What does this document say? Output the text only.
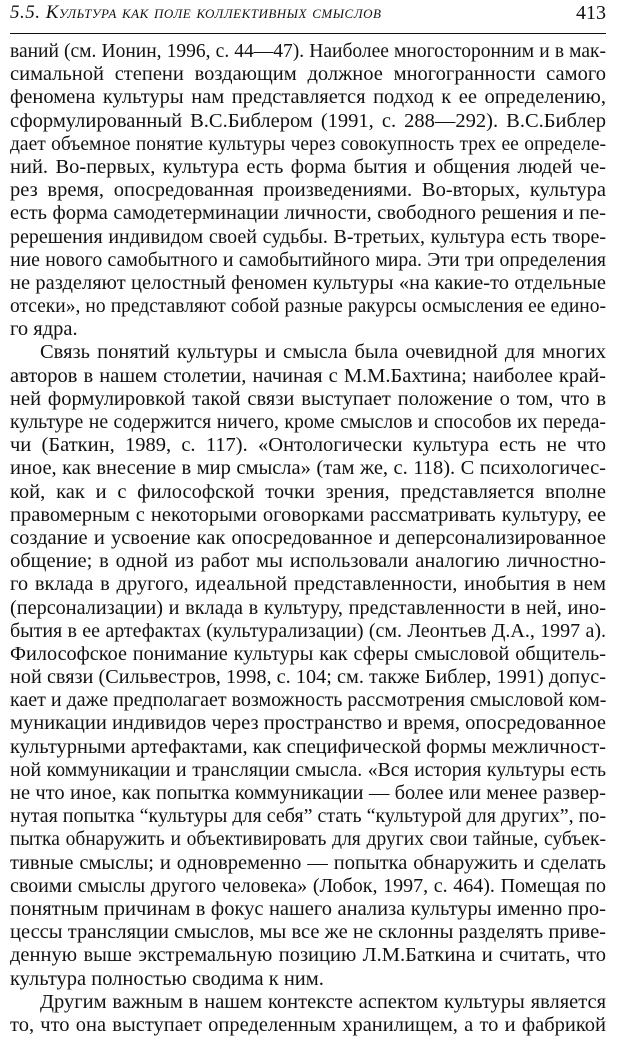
5.5. Культура как поле коллективных смыслов	413
ваний (см. Ионин, 1996, с. 44—47). Наиболее многосторонним и в мак-
симальной степени воздающим должное многогранности самого
феномена культуры нам представляется подход к ее определению,
сформулированный В.С.Библером (1991, с. 288—292). В.С.Библер
дает объемное понятие культуры через совокупность трех ее определе-
ний. Во-первых, культура есть форма бытия и общения людей че-
рез время, опосредованная произведениями. Во-вторых, культура
есть форма самодетерминации личности, свободного решения и пе-
ререшения индивидом своей судьбы. В-третьих, культура есть творе-
ние нового самобытного и самобытийного мира. Эти три определения
не разделяют целостный феномен культуры «на какие-то отдельные
отсеки», но представляют собой разные ракурсы осмысления ее едино-
го ядра.
Связь понятий культуры и смысла была очевидной для многих
авторов в нашем столетии, начиная с М.М.Бахтина; наиболее край-
ней формулировкой такой связи выступает положение о том, что в
культуре не содержится ничего, кроме смыслов и способов их переда-
чи (Баткин, 1989, с. 117). «Онтологически культура есть не что
иное, как внесение в мир смысла» (там же, с. 118). С психологичес-
кой, как и с философской точки зрения, представляется вполне
правомерным с некоторыми оговорками рассматривать культуру, ее
создание и усвоение как опосредованное и деперсонализированное
общение; в одной из работ мы использовали аналогию личностно-
го вклада в другого, идеальной представленности, инобытия в нем
(персонализации) и вклада в культуру, представленности в ней, ино-
бытия в ее артефактах (культурализации) (см. Леонтьев Д.А., 1997 а).
Философское понимание культуры как сферы смысловой общитель-
ной связи (Сильвестров, 1998, с. 104; см. также Библер, 1991) допус-
кает и даже предполагает возможность рассмотрения смысловой ком-
муникации индивидов через пространство и время, опосредованное
культурными артефактами, как специфической формы межличност-
ной коммуникации и трансляции смысла. «Вся история культуры есть
не что иное, как попытка коммуникации — более или менее развер-
нутая попытка “культуры для себя” стать “культурой для других”, по-
пытка обнаружить и объективировать для других свои тайные, субъек-
тивные смыслы; и одновременно — попытка обнаружить и сделать
своими смыслы другого человека» (Лобок, 1997, с. 464). Помещая по
понятным причинам в фокус нашего анализа культуры именно про-
цессы трансляции смыслов, мы все же не склонны разделять приве-
денную выше экстремальную позицию Л.М.Баткина и считать, что
культура полностью сводима к ним.
Другим важным в нашем контексте аспектом культуры является
то, что она выступает определенным хранилищем, а то и фабрикой
